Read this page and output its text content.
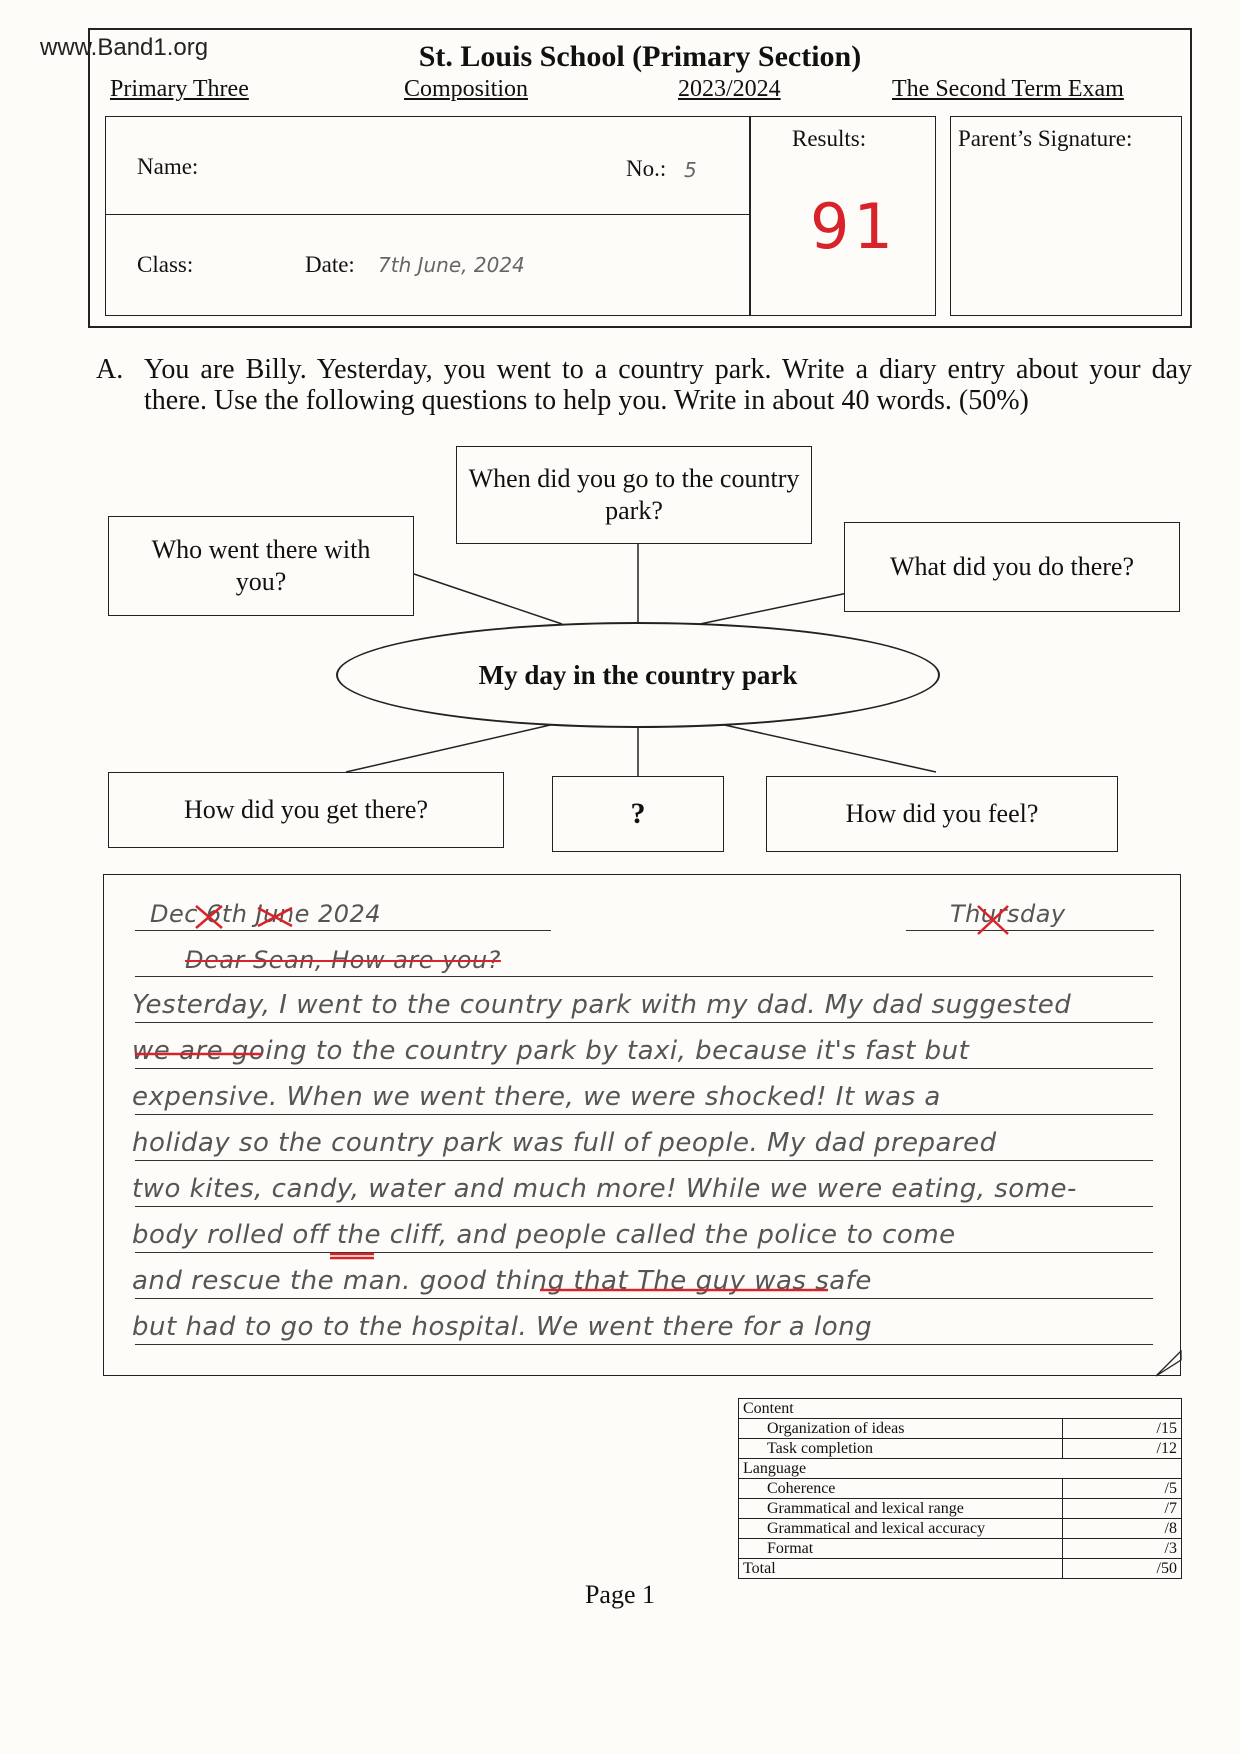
www.Band1.org	St. Louis School (Primary Section)
Primary Three	Composition	2023/2024	The Second Term Exam
Name:	No.: 5
Class:	Date: 7th June, 2024
Results:
91
Parent’s Signature:
A. You are Billy. Yesterday, you went to a country park. Write a diary entry about your day there. Use the following questions to help you. Write in about 40 words. (50%)
When did you go to the country park?
Who went there with you?
What did you do there?
My day in the country park
How did you get there?	?	How did you feel?
Dec 6th June 2024	Thursday
Dear Sean, How are you?
Yesterday, I went to the country park with my dad. My dad suggested
we are going to the country park by taxi, because it's fast but
expensive. When we went there, we were shocked! It was a
holiday so the country park was full of people. My dad prepared
two kites, candy, water and much more! While we were eating, some-
body rolled off the cliff, and people called the police to come
and rescue the man. good thing that The guy was safe
but had to go to the hospital. We went there for a long
Content	
Organization of ideas	/15
Task completion	/12
Language	
Coherence	/5
Grammatical and lexical range	/7
Grammatical and lexical accuracy	/8
Format	/3
Total	/50
Page 1
